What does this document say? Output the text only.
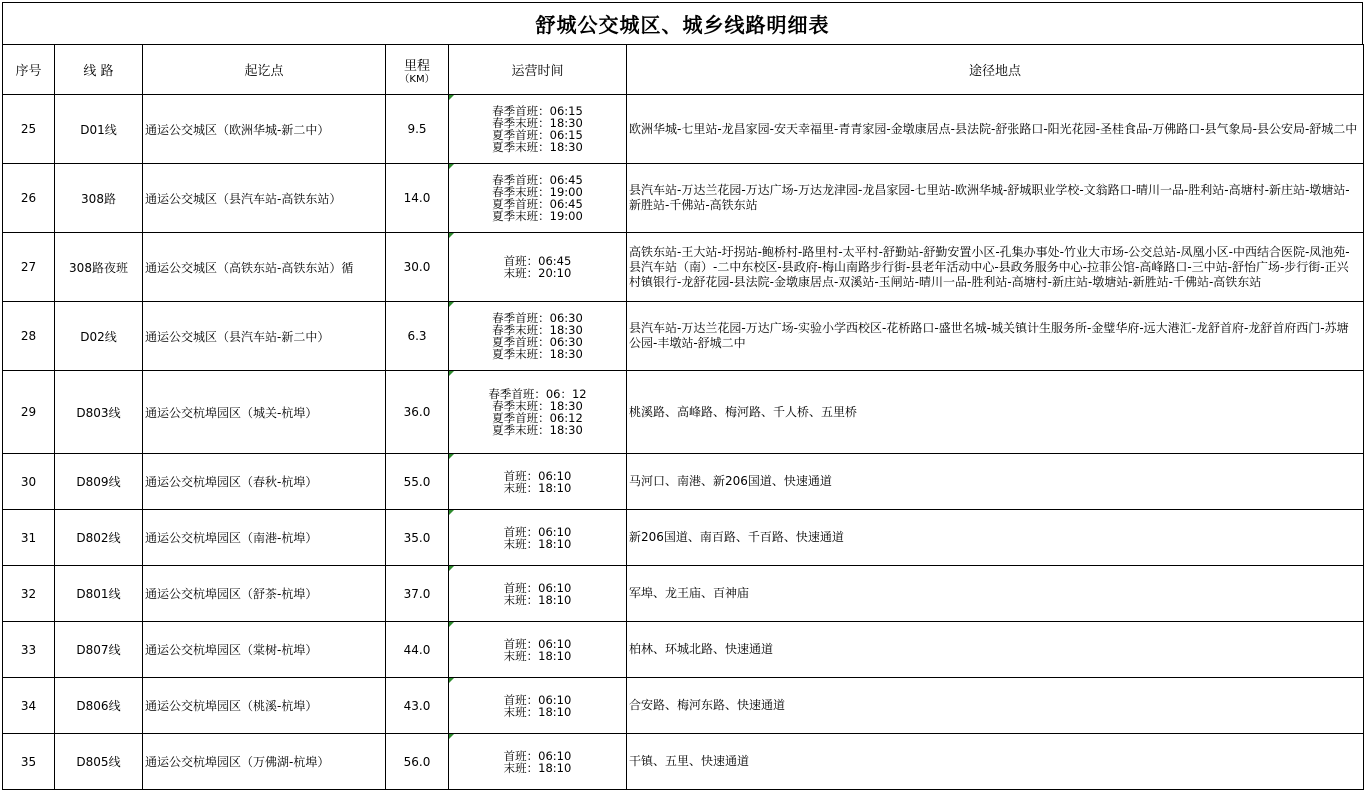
舒城公交城区、城乡线路明细表
序号	线 路	起讫点	里程
（KM）	运营时间	途径地点
25	D01线	通运公交城区（欧洲华城-新二中）	9.5	春季首班：06:15
春季末班：18:30
夏季首班：06:15
夏季末班：18:30	欧洲华城-七里站-龙昌家园-安天幸福里-青青家园-金墩康居点-县法院-舒张路口-阳光花园-圣桂食品-万佛路口-县气象局-县公安局-舒城二中
26	308路	通运公交城区（县汽车站-高铁东站）	14.0	春季首班：06:45
春季末班：19:00
夏季首班：06:45
夏季末班：19:00	县汽车站-万达兰花园-万达广场-万达龙津园-龙昌家园-七里站-欧洲华城-舒城职业学校-文翁路口-晴川一品-胜利站-高塘村-新庄站-墩塘站-新胜站-千佛站-高铁东站
27	308路夜班	通运公交城区（高铁东站-高铁东站）循	30.0	首班：06:45
末班：20:10	高铁东站-王大站-圩拐站-鲍桥村-路里村-太平村-舒勤站-舒勤安置小区-孔集办事处-竹业大市场-公交总站-凤凰小区-中西结合医院-凤池苑-县汽车站（南）-二中东校区-县政府-梅山南路步行街-县老年活动中心-县政务服务中心-拉菲公馆-高峰路口-三中站-舒怡广场-步行街-正兴村镇银行-龙舒花园-县法院-金墩康居点-双溪站-玉闸站-晴川一品-胜利站-高塘村-新庄站-墩塘站-新胜站-千佛站-高铁东站
28	D02线	通运公交城区（县汽车站-新二中）	6.3	春季首班：06:30
春季末班：18:30
夏季首班：06:30
夏季末班：18:30	县汽车站-万达兰花园-万达广场-实验小学西校区-花桥路口-盛世名城-城关镇计生服务所-金璧华府-远大港汇-龙舒首府-龙舒首府西门-苏塘公园-丰墩站-舒城二中
29	D803线	通运公交杭埠园区（城关-杭埠）	36.0	春季首班：06：12
春季末班：18:30
夏季首班：06:12
夏季末班：18:30	桃溪路、高峰路、梅河路、千人桥、五里桥
30	D809线	通运公交杭埠园区（春秋-杭埠）	55.0	首班：06:10
末班：18:10	马河口、南港、新206国道、快速通道
31	D802线	通运公交杭埠园区（南港-杭埠）	35.0	首班：06:10
末班：18:10	新206国道、南百路、千百路、快速通道
32	D801线	通运公交杭埠园区（舒茶-杭埠）	37.0	首班：06:10
末班：18:10	军埠、龙王庙、百神庙
33	D807线	通运公交杭埠园区（棠树-杭埠）	44.0	首班：06:10
末班：18:10	柏林、环城北路、快速通道
34	D806线	通运公交杭埠园区（桃溪-杭埠）	43.0	首班：06:10
末班：18:10	合安路、梅河东路、快速通道
35	D805线	通运公交杭埠园区（万佛湖-杭埠）	56.0	首班：06:10
末班：18:10	干镇、五里、快速通道
